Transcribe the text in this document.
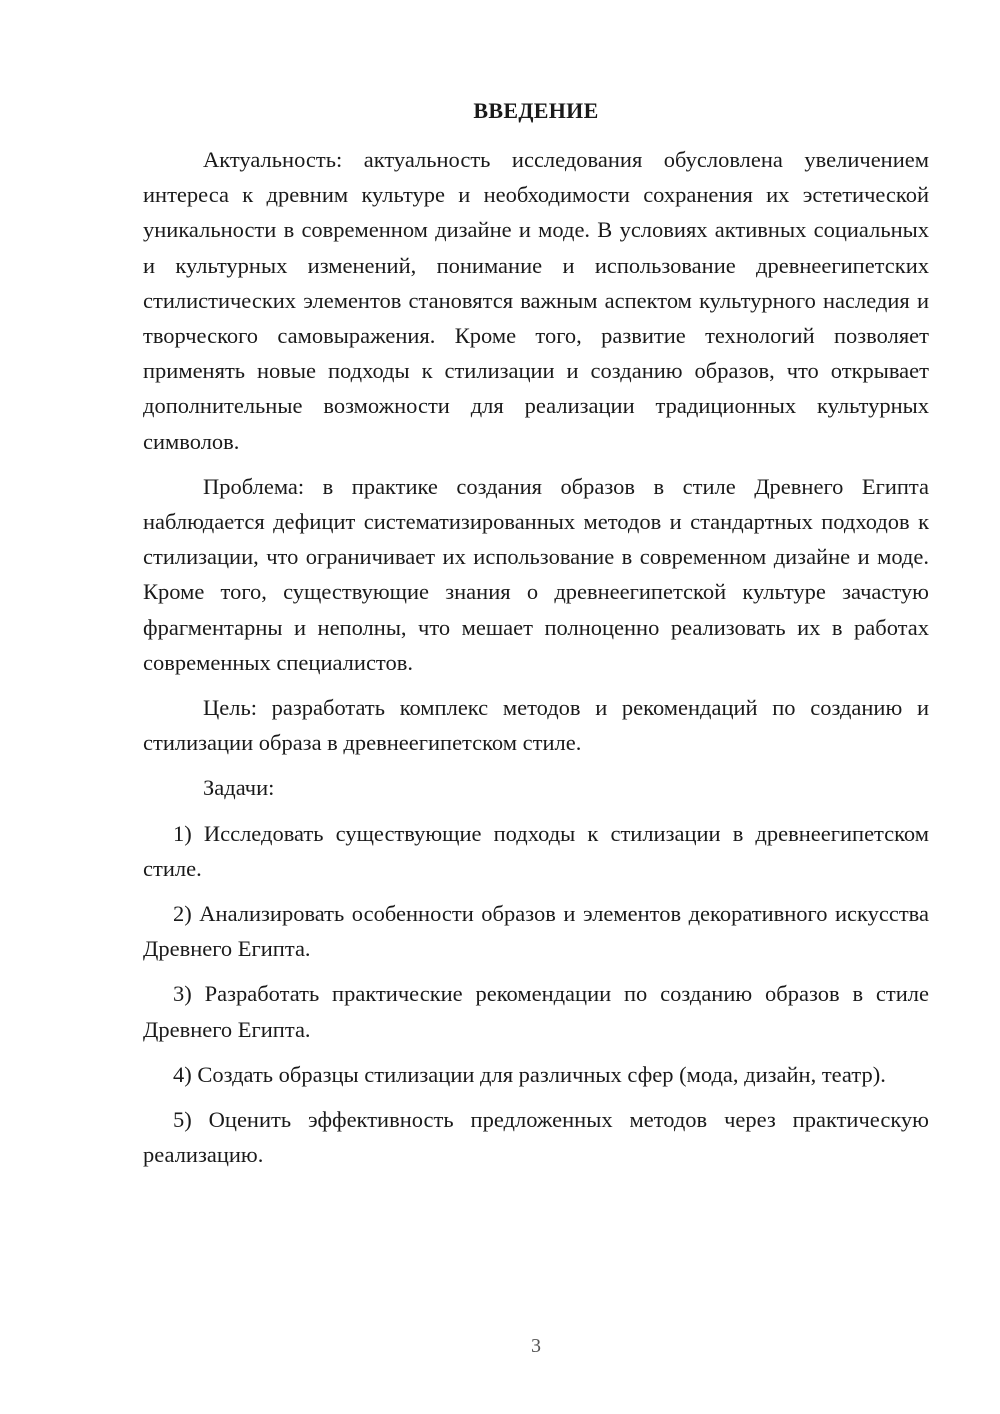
ВВЕДЕНИЕ

Актуальность: актуальность исследования обусловлена увеличением интереса к древним культуре и необходимости сохранения их эстетической уникальности в современном дизайне и моде. В условиях активных социальных и культурных изменений, понимание и использование древнеегипетских стилистических элементов становятся важным аспектом культурного наследия и творческого самовыражения. Кроме того, развитие технологий позволяет применять новые подходы к стилизации и созданию образов, что открывает дополнительные возможности для реализации традиционных культурных символов.

Проблема: в практике создания образов в стиле Древнего Египта наблюдается дефицит систематизированных методов и стандартных подходов к стилизации, что ограничивает их использование в современном дизайне и моде. Кроме того, существующие знания о древнеегипетской культуре зачастую фрагментарны и неполны, что мешает полноценно реализовать их в работах современных специалистов.

Цель: разработать комплекс методов и рекомендаций по созданию и стилизации образа в древнеегипетском стиле.

Задачи:

1) Исследовать существующие подходы к стилизации в древнеегипетском стиле.

2) Анализировать особенности образов и элементов декоративного искусства Древнего Египта.

3) Разработать практические рекомендации по созданию образов в стиле Древнего Египта.

4) Создать образцы стилизации для различных сфер (мода, дизайн, театр).

5) Оценить эффективность предложенных методов через практическую реализацию.

3
